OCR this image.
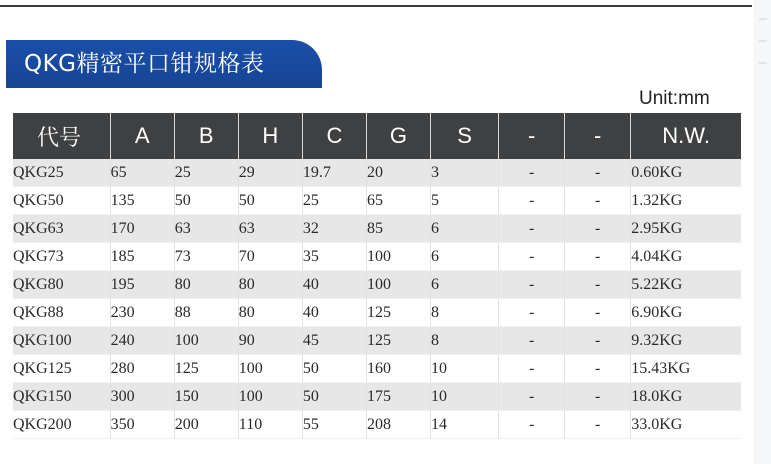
QKG精密平口钳规格表
Unit:mm
代号	A	B	H	C	G	S	-	-	N.W.
QKG25	65	25	29	19.7	20	3	-	-	0.60KG
QKG50	135	50	50	25	65	5	-	-	1.32KG
QKG63	170	63	63	32	85	6	-	-	2.95KG
QKG73	185	73	70	35	100	6	-	-	4.04KG
QKG80	195	80	80	40	100	6	-	-	5.22KG
QKG88	230	88	80	40	125	8	-	-	6.90KG
QKG100	240	100	90	45	125	8	-	-	9.32KG
QKG125	280	125	100	50	160	10	-	-	15.43KG
QKG150	300	150	100	50	175	10	-	-	18.0KG
QKG200	350	200	110	55	208	14	-	-	33.0KG
